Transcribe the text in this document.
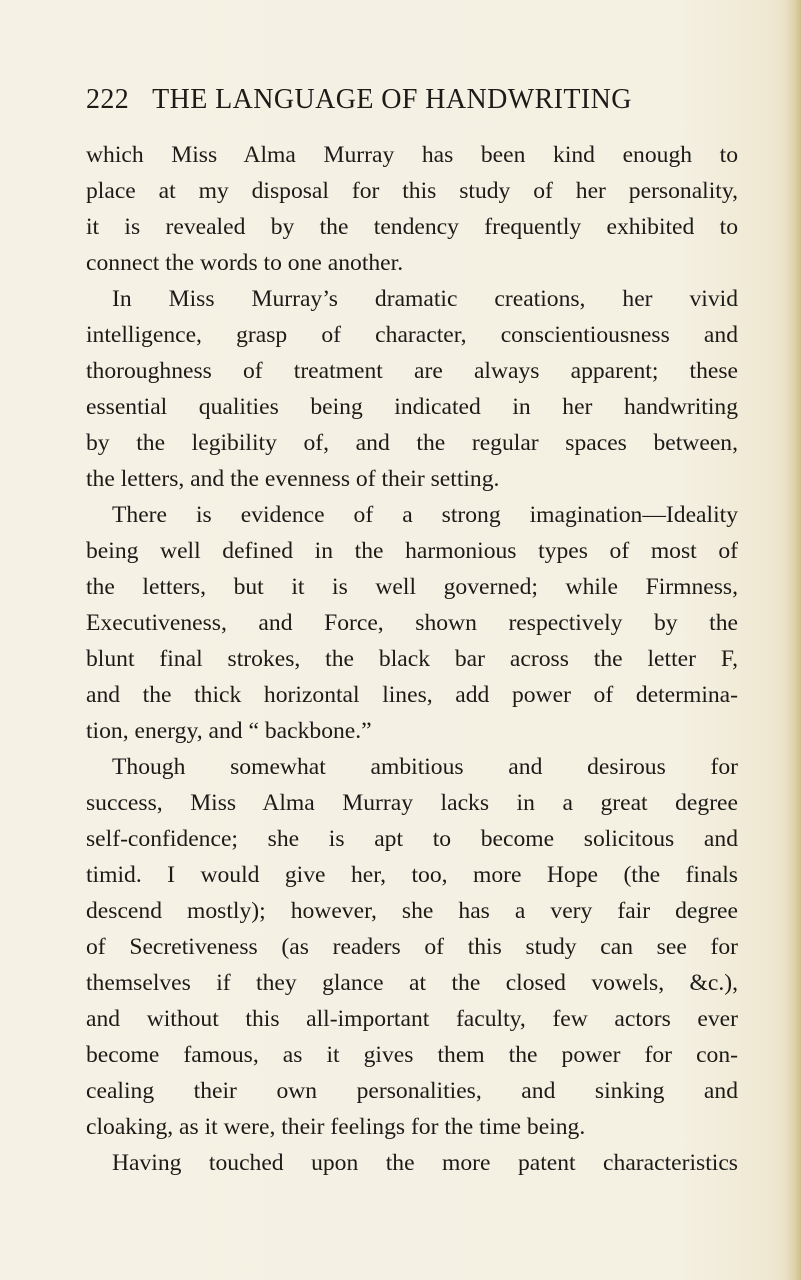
222 THE LANGUAGE OF HANDWRITING
which Miss Alma Murray has been kind enough to
place at my disposal for this study of her personality,
it is revealed by the tendency frequently exhibited to
connect the words to one another.
In Miss Murray’s dramatic creations, her vivid
intelligence, grasp of character, conscientiousness and
thoroughness of treatment are always apparent; these
essential qualities being indicated in her handwriting
by the legibility of, and the regular spaces between,
the letters, and the evenness of their setting.
There is evidence of a strong imagination—Ideality
being well defined in the harmonious types of most of
the letters, but it is well governed; while Firmness,
Executiveness, and Force, shown respectively by the
blunt final strokes, the black bar across the letter F,
and the thick horizontal lines, add power of determina-
tion, energy, and “ backbone.”
Though somewhat ambitious and desirous for
success, Miss Alma Murray lacks in a great degree
self-confidence; she is apt to become solicitous and
timid. I would give her, too, more Hope (the finals
descend mostly); however, she has a very fair degree
of Secretiveness (as readers of this study can see for
themselves if they glance at the closed vowels, &c.),
and without this all-important faculty, few actors ever
become famous, as it gives them the power for con-
cealing their own personalities, and sinking and
cloaking, as it were, their feelings for the time being.
Having touched upon the more patent characteristics
